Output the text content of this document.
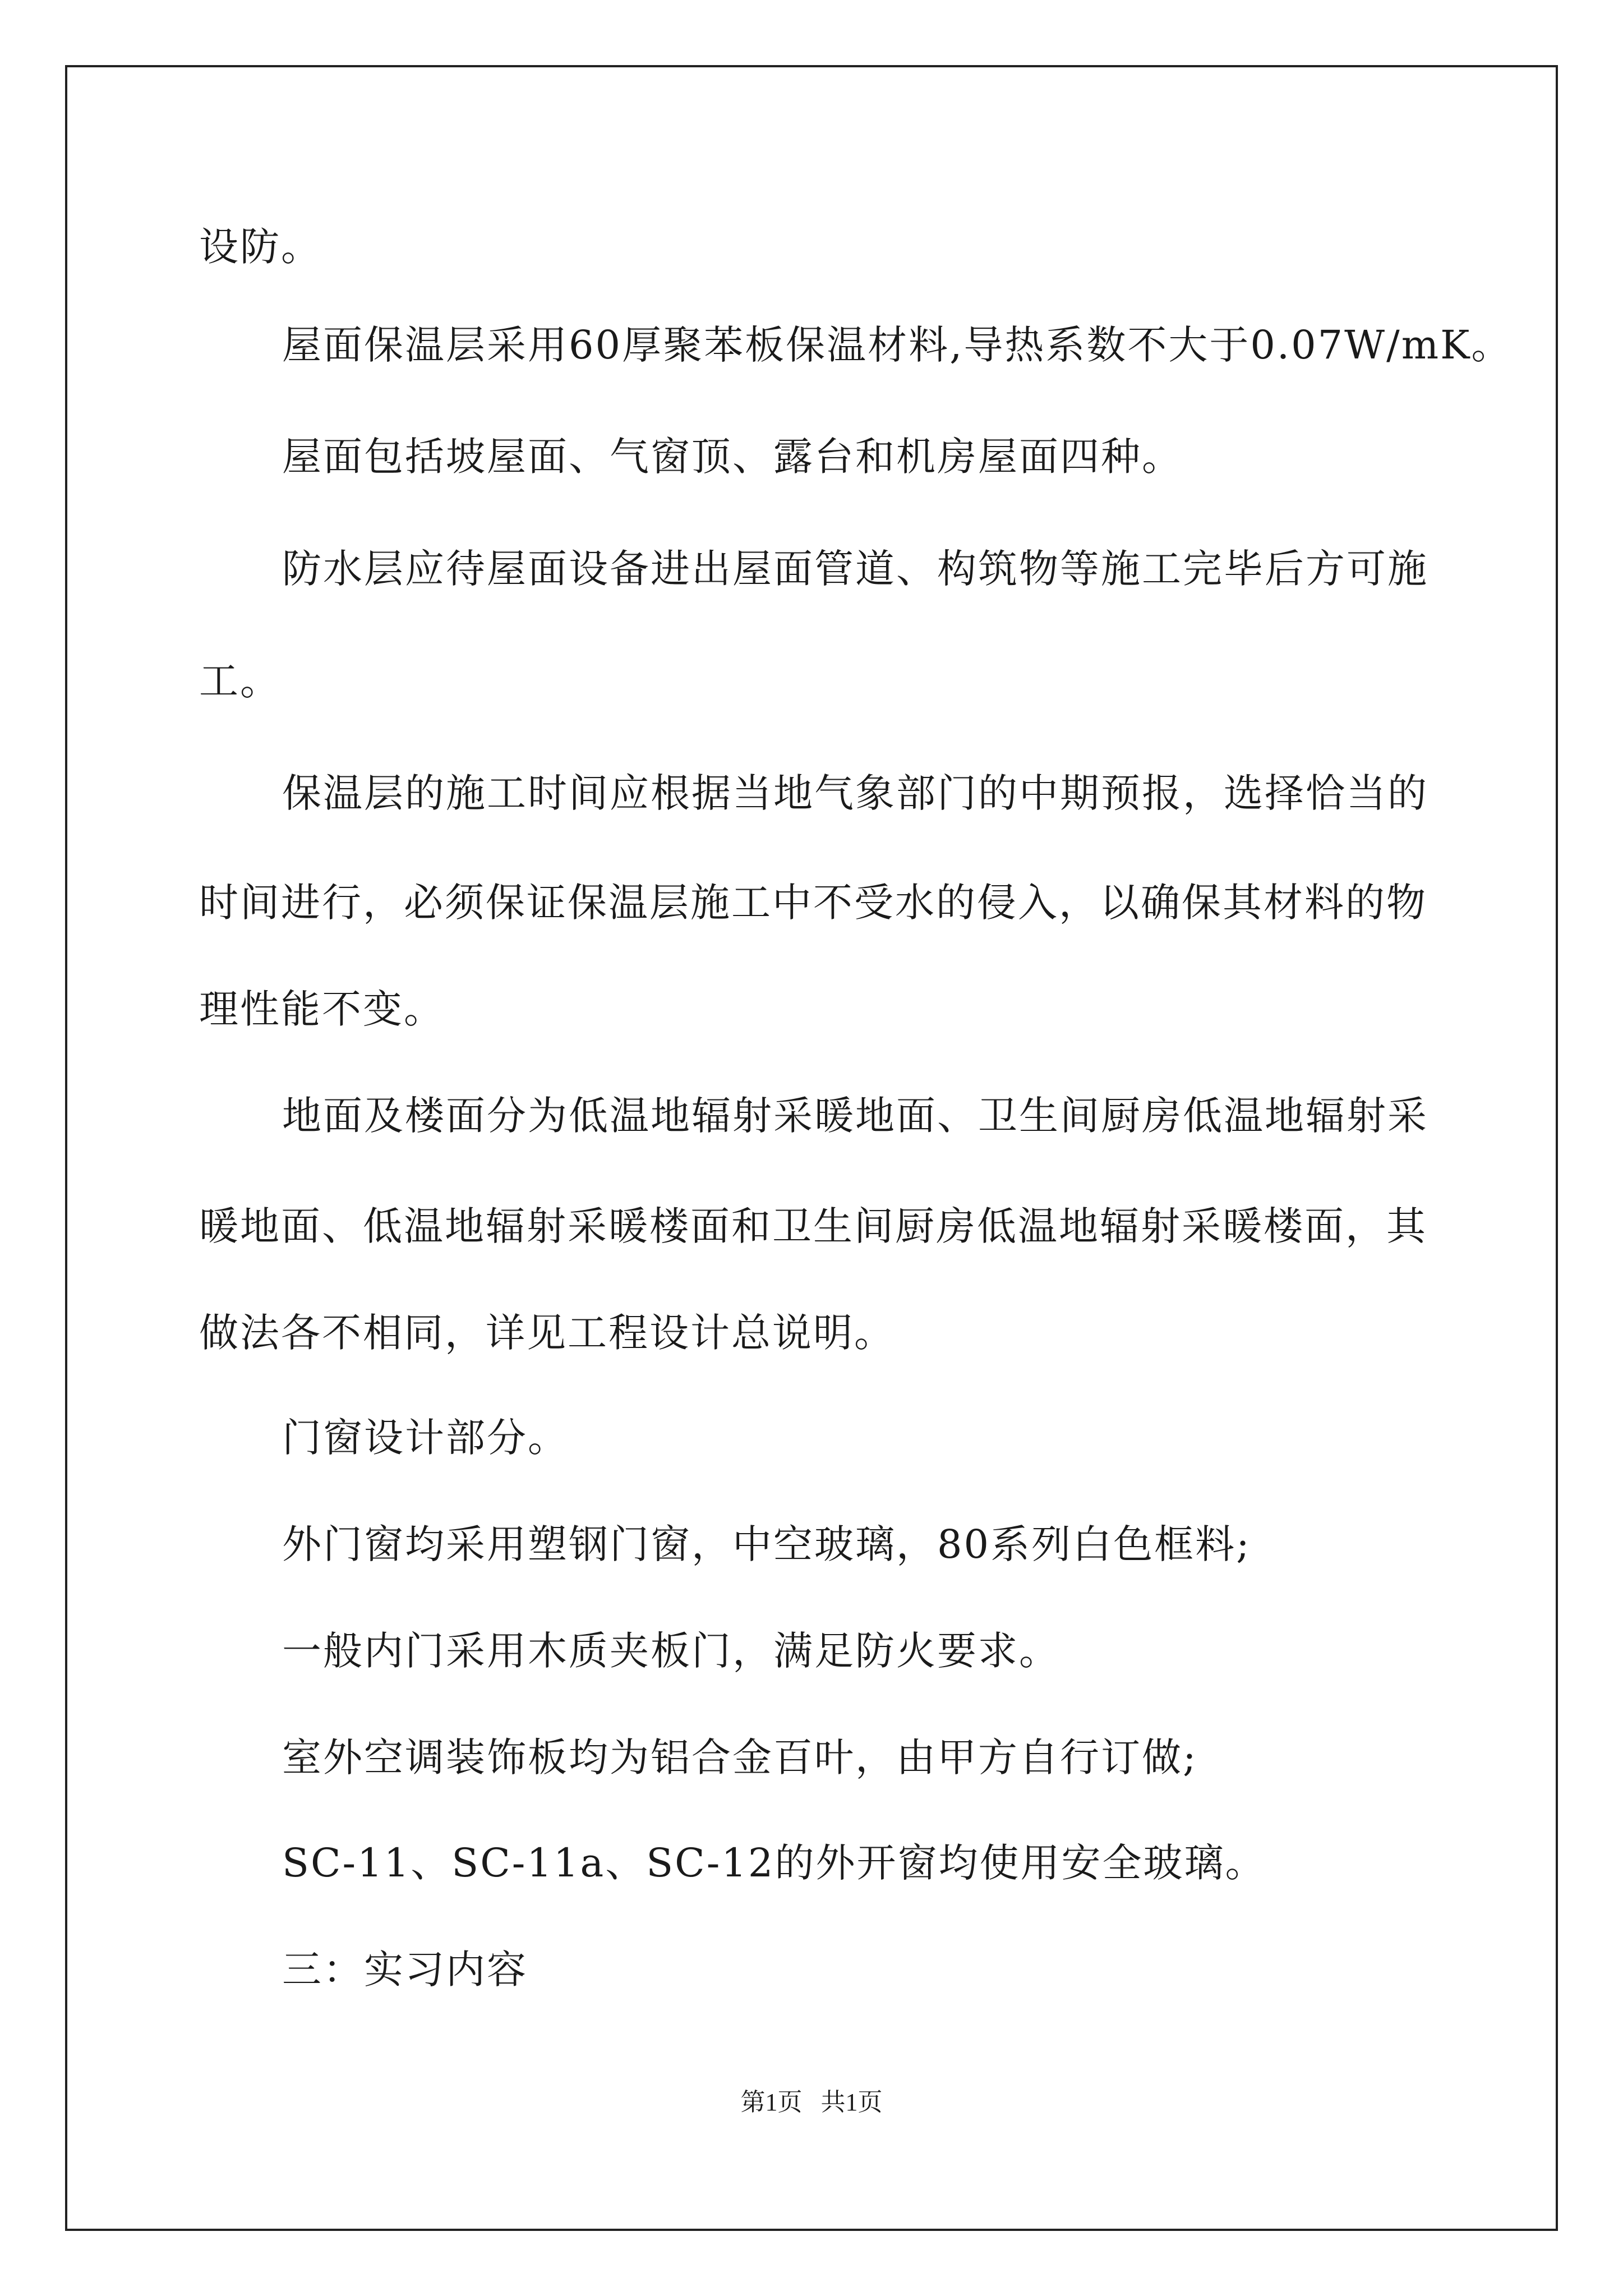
设防。

屋面保温层采用60厚聚苯板保温材料,导热系数不大于0.07W/mK。

屋面包括坡屋面、气窗顶、露台和机房屋面四种。

防水层应待屋面设备进出屋面管道、构筑物等施工完毕后方可施

工。

保温层的施工时间应根据当地气象部门的中期预报，选择恰当的

时间进行，必须保证保温层施工中不受水的侵入，以确保其材料的物

理性能不变。

地面及楼面分为低温地辐射采暖地面、卫生间厨房低温地辐射采

暖地面、低温地辐射采暖楼面和卫生间厨房低温地辐射采暖楼面，其

做法各不相同，详见工程设计总说明。

门窗设计部分。

外门窗均采用塑钢门窗，中空玻璃，80系列白色框料;

一般内门采用木质夹板门，满足防火要求。

室外空调装饰板均为铝合金百叶，由甲方自行订做;

SC-11、SC-11a、SC-12的外开窗均使用安全玻璃。

三：实习内容

第1页   共1页
